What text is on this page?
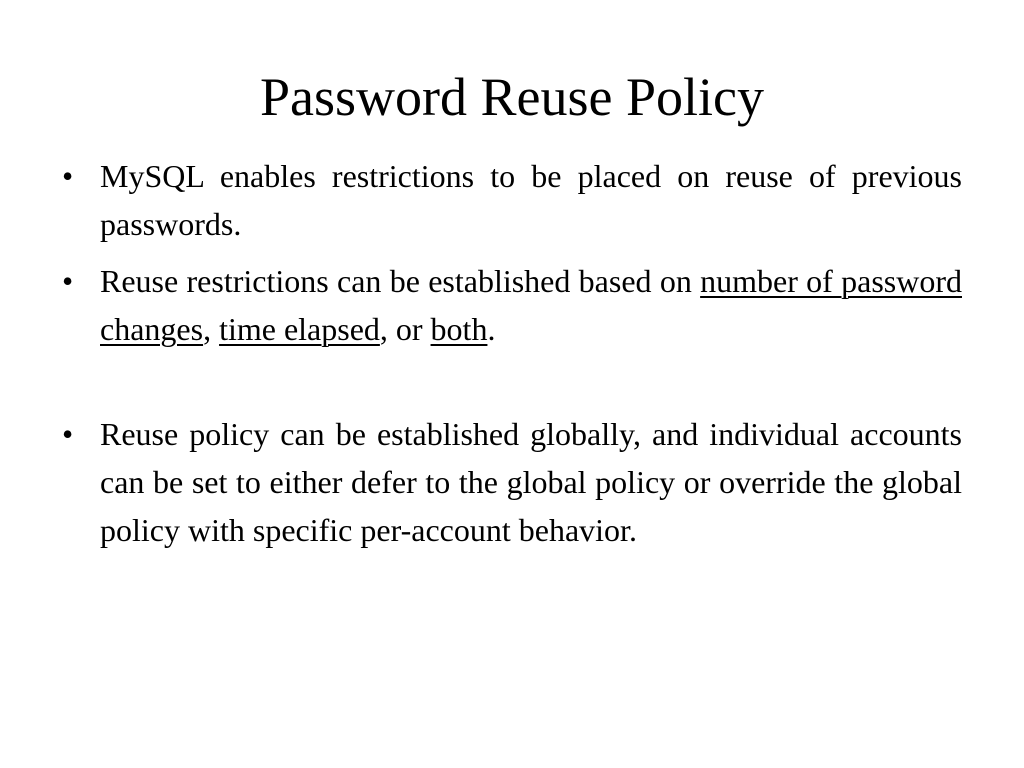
Password Reuse Policy
• MySQL enables restrictions to be placed on reuse of previous passwords.
• Reuse restrictions can be established based on number of password changes, time elapsed, or both.
• Reuse policy can be established globally, and individual accounts can be set to either defer to the global policy or override the global policy with specific per-account behavior.
